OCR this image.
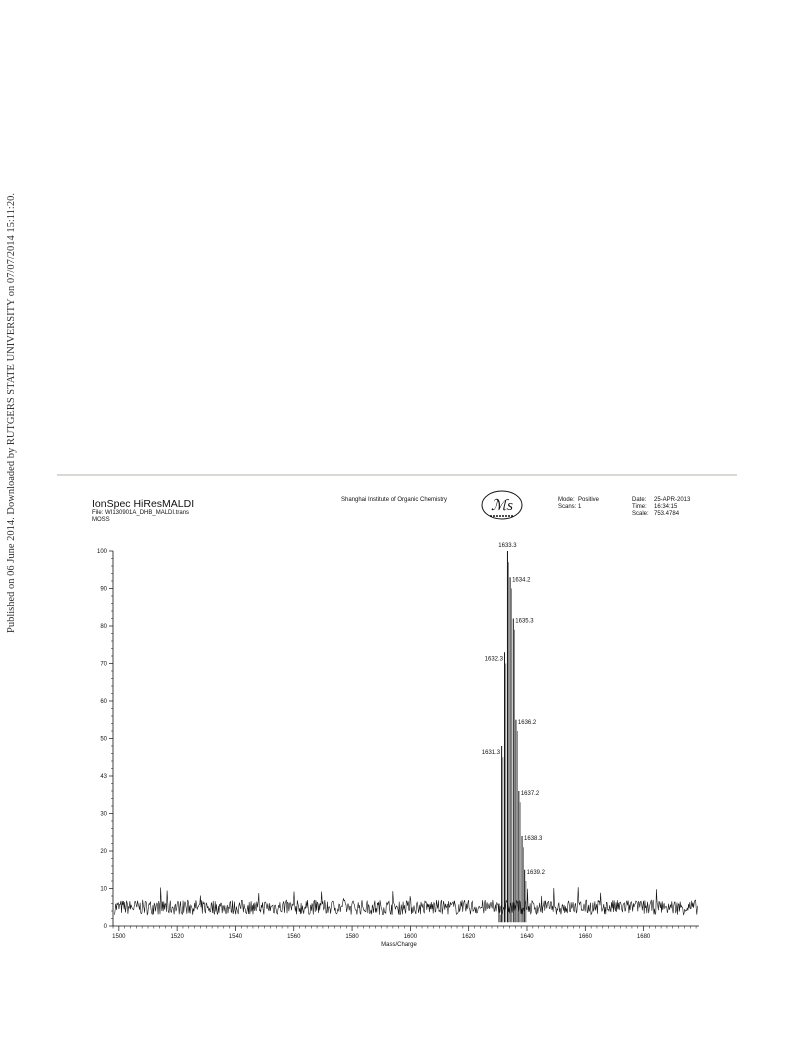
Published on 06 June 2014. Downloaded by RUTGERS STATE UNIVERSITY on 07/07/2014 15:11:20.	IonSpec HiResMALDI
File: WI130901A_DHB_MALDI.trans
MOSS
Shanghai Institute of Organic Chemistry	ℳs	Mode: Positive
Scans: 1
Date:	25-APR-2013
Time:	16:34:15
Scale: 753.4784
0
10
20
30
43
50
60
70
80
90
100
1500	1520	1540	1560	1580	1600	1620	1640	1660	1680
1631.3
1632.3
1633.3
1634.2
1635.3
1636.2
1637.2
1638.3
1639.2
Mass/Charge
